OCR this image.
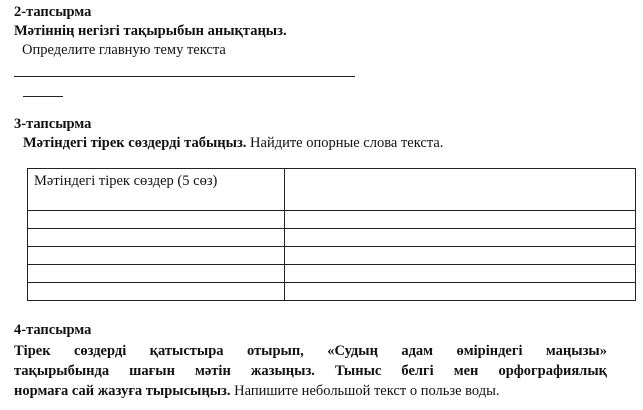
2-тапсырма
Мәтіннің негізгі тақырыбын анықтаңыз.
Определите главную тему текста
3-тапсырма
Мәтіндегі тірек сөздерді табыңыз. Найдите опорные слова текста.
Мәтіндегі тірек сөздер (5 сөз)	

4-тапсырма
Тірек сөздерді қатыстыра отырып, «Судың адам өміріндегі маңызы»
тақырыбында шағын мәтін жазыңыз. Тыныс белгі мен орфографиялық
нормаға сай жазуға тырысыңыз. Напишите небольшой текст о пользе воды.
